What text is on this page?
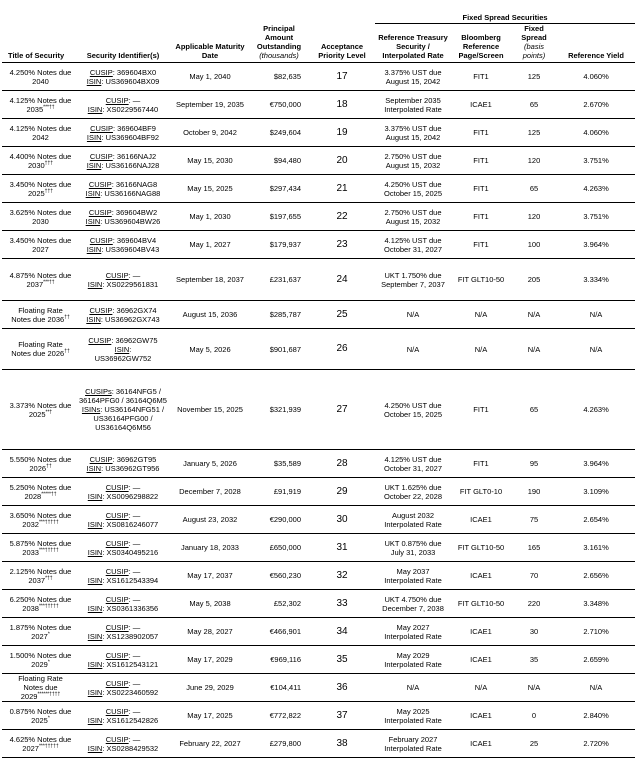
					Fixed Spread Securities			
Title of Security	Security Identifier(s)	Applicable Maturity Date	Principal Amount Outstanding
(thousands)	Acceptance Priority Level	Reference Treasury Security / Interpolated Rate	Bloomberg Reference Page/Screen	Fixed Spread
(basis points)	Reference Yield
4.250% Notes due 2040	CUSIP: 369604BX0
ISIN: US369604BX09	May 1, 2040	$82,635	17	3.375% UST due August 15, 2042	FIT1	125	4.060%
4.125% Notes due 2035***††	CUSIP: —
ISIN: XS0229567440	September 19, 2035	€750,000	18	September 2035 Interpolated Rate	ICAE1	65	2.670%
4.125% Notes due 2042	CUSIP: 369604BF9
ISIN: US369604BF92	October 9, 2042	$249,604	19	3.375% UST due August 15, 2042	FIT1	125	4.060%
4.400% Notes due 2030†††	CUSIP: 36166NAJ2
ISIN: US36166NAJ28	May 15, 2030	$94,480	20	2.750% UST due August 15, 2032	FIT1	120	3.751%
3.450% Notes due 2025†††	CUSIP: 36166NAG8
ISIN: US36166NAG88	May 15, 2025	$297,434	21	4.250% UST due October 15, 2025	FIT1	65	4.263%
3.625% Notes due 2030	CUSIP: 369604BW2
ISIN: US369604BW26	May 1, 2030	$197,655	22	2.750% UST due August 15, 2032	FIT1	120	3.751%
3.450% Notes due 2027	CUSIP: 369604BV4
ISIN: US369604BV43	May 1, 2027	$179,937	23	4.125% UST due October 31, 2027	FIT1	100	3.964%
4.875% Notes due 2037***††	CUSIP: —
ISIN: XS0229561831	September 18, 2037	£231,637	24	UKT 1.750% due September 7, 2037	FIT GLT10-50	205	3.334%
Floating Rate Notes due 2036††	CUSIP: 36962GX74
ISIN: US36962GX743	August 15, 2036	$285,787	25	N/A	N/A	N/A	N/A
Floating Rate Notes due 2026††	CUSIP: 36962GW75
ISIN:
US36962GW752	May 5, 2026	$901,687	26	N/A	N/A	N/A	N/A
3.373% Notes due 2025**†	CUSIPs: 36164NFG5 / 36164PFG0 / 36164Q6M5
ISINs: US36164NFG51 / US36164PFG00 / US36164Q6M56	November 15, 2025	$321,939	27	4.250% UST due October 15, 2025	FIT1	65	4.263%
5.550% Notes due 2026††	CUSIP: 36962GT95
ISIN: US36962GT956	January 5, 2026	$35,589	28	4.125% UST due October 31, 2027	FIT1	95	3.964%
5.250% Notes due 2028*****††	CUSIP: —
ISIN: XS0096298822	December 7, 2028	£91,919	29	UKT 1.625% due October 22, 2028	FIT GLT0-10	190	3.109%
3.650% Notes due 2032***†††††	CUSIP: —
ISIN: XS0816246077	August 23, 2032	€290,000	30	August 2032 Interpolated Rate	ICAE1	75	2.654%
5.875% Notes due 2033***†††††	CUSIP: —
ISIN: XS0340495216	January 18, 2033	£650,000	31	UKT 0.875% due July 31, 2033	FIT GLT10-50	165	3.161%
2.125% Notes due 2037*††	CUSIP: —
ISIN: XS1612543394	May 17, 2037	€560,230	32	May 2037 Interpolated Rate	ICAE1	70	2.656%
6.250% Notes due 2038***†††††	CUSIP: —
ISIN: XS0361336356	May 5, 2038	£52,302	33	UKT 4.750% due December 7, 2038	FIT GLT10-50	220	3.348%
1.875% Notes due 2027*	CUSIP: —
ISIN: XS1238902057	May 28, 2027	€466,901	34	May 2027 Interpolated Rate	ICAE1	30	2.710%
1.500% Notes due 2029*	CUSIP: —
ISIN: XS1612543121	May 17, 2029	€969,116	35	May 2029 Interpolated Rate	ICAE1	35	2.659%
Floating Rate Notes due 2029******††††	CUSIP: —
ISIN: XS0223460592	June 29, 2029	€104,411	36	N/A	N/A	N/A	N/A
0.875% Notes due 2025*	CUSIP: —
ISIN: XS1612542826	May 17, 2025	€772,822	37	May 2025 Interpolated Rate	ICAE1	0	2.840%
4.625% Notes due 2027***†††††	CUSIP: —
ISIN: XS0288429532	February 22, 2027	£279,800	38	February 2027 Interpolated Rate	ICAE1	25	2.720%
